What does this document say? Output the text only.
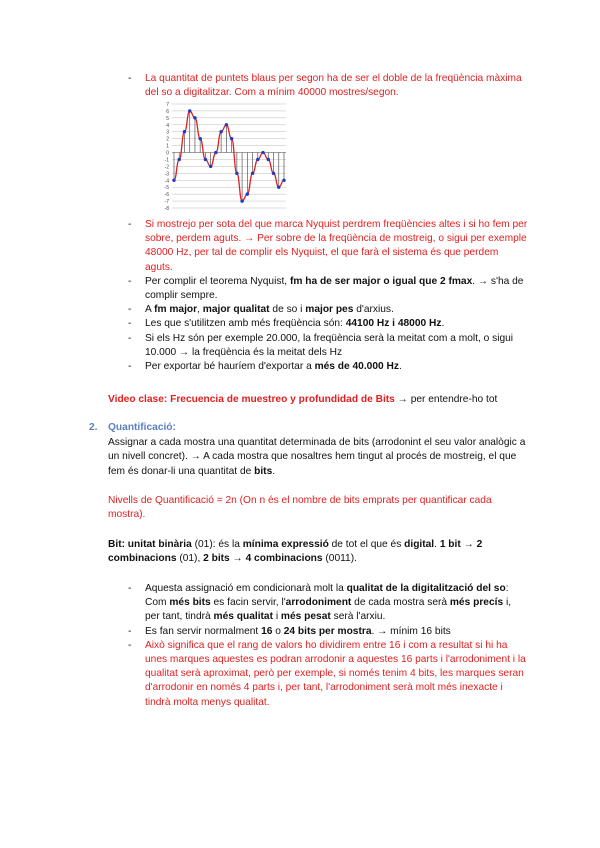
- La quantitat de puntets blaus per segon ha de ser el doble de la freqüència màxima del so a digitalitzar. Com a mínim 40000 mostres/segon.
7
6
5
4
3
2
1
0
-1
-2
-3
-4
-5
-6
-7
-8
- Si mostrejo per sota del que marca Nyquist perdrem freqüències altes i si ho fem per sobre, perdem aguts. → Per sobre de la freqüència de mostreig, o sigui per exemple 48000 Hz, per tal de complir els Nyquist, el que farà el sistema és que perdem aguts.
- Per complir el teorema Nyquist, fm ha de ser major o igual que 2 fmax. → s'ha de complir sempre.
- A fm major, major qualitat de so i major pes d'arxius.
- Les que s'utilitzen amb més freqüència són: 44100 Hz i 48000 Hz.
- Si els Hz són per exemple 20.000, la freqüència serà la meitat com a molt, o sigui 10.000 → la freqüència és la meitat dels Hz
- Per exportar bé hauríem d'exportar a més de 40.000 Hz.
Video clase: Frecuencia de muestreo y profundidad de Bits → per entendre-ho tot
2. Quantificació:
Assignar a cada mostra una quantitat determinada de bits (arrodonint el seu valor analògic a un nivell concret). → A cada mostra que nosaltres hem tingut al procés de mostreig, el que fem és donar-li una quantitat de bits.
Nivells de Quantificació = 2n (On n és el nombre de bits emprats per quantificar cada mostra).
Bit: unitat binària (01): és la mínima expressió de tot el que és digital. 1 bit → 2 combinacions (01), 2 bits → 4 combinacions (0011).
- Aquesta assignació em condicionarà molt la qualitat de la digitalització del so: Com més bits es facin servir, l'arrodoniment de cada mostra serà més precís i, per tant, tindrà més qualitat i més pesat serà l'arxiu.
- Es fan servir normalment 16 o 24 bits per mostra. → mínim 16 bits
- Això significa que el rang de valors ho dividirem entre 16 i com a resultat si hi ha unes marques aquestes es podran arrodonir a aquestes 16 parts i l'arrodoniment i la qualitat serà aproximat, però per exemple, si només tenim 4 bits, les marques seran d'arrodonir en només 4 parts i, per tant, l'arrodoniment serà molt més inexacte i tindrà molta menys qualitat.
